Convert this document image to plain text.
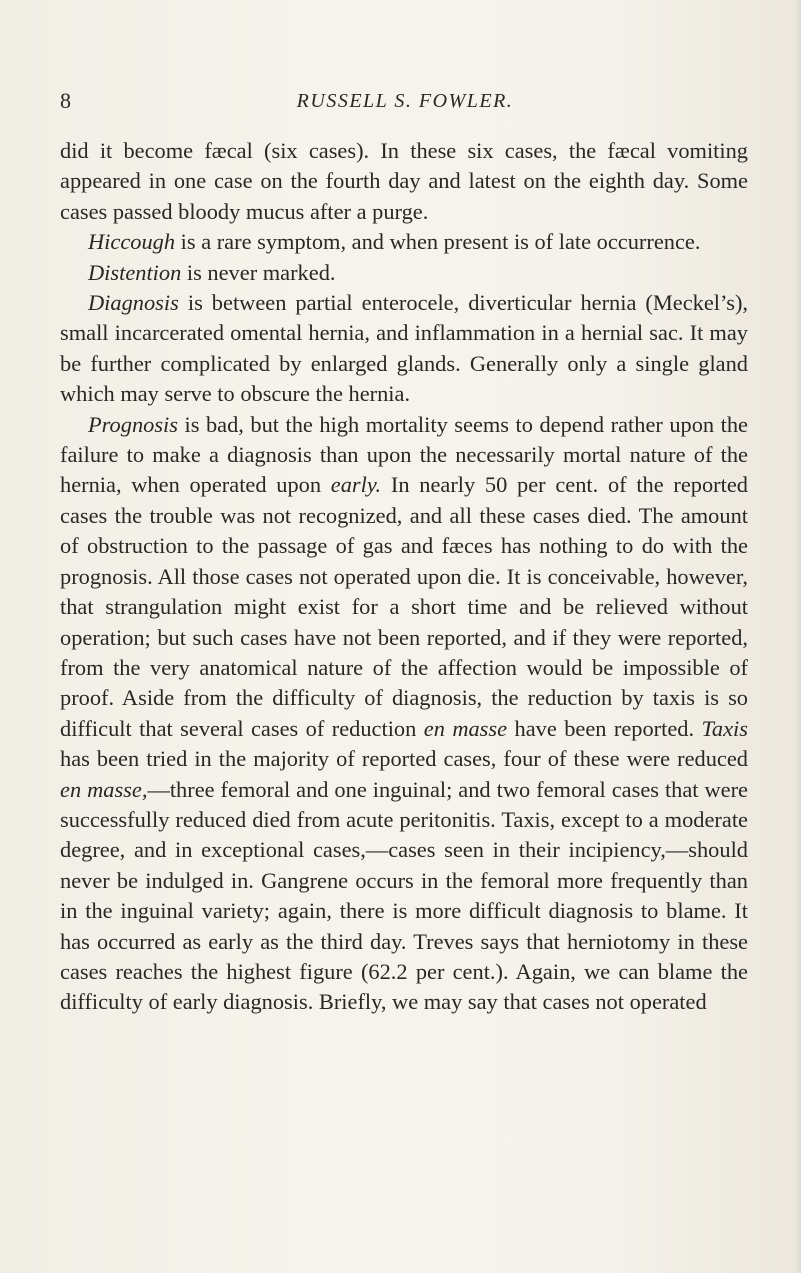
8	RUSSELL S. FOWLER.

did it become fæcal (six cases). In these six cases, the fæcal vomiting appeared in one case on the fourth day and latest on the eighth day. Some cases passed bloody mucus after a purge.

Hiccough is a rare symptom, and when present is of late occurrence.

Distention is never marked.

Diagnosis is between partial enterocele, diverticular hernia (Meckel’s), small incarcerated omental hernia, and inflammation in a hernial sac. It may be further complicated by enlarged glands. Generally only a single gland which may serve to obscure the hernia.

Prognosis is bad, but the high mortality seems to depend rather upon the failure to make a diagnosis than upon the necessarily mortal nature of the hernia, when operated upon early. In nearly 50 per cent. of the reported cases the trouble was not recognized, and all these cases died. The amount of obstruction to the passage of gas and fæces has nothing to do with the prognosis. All those cases not operated upon die. It is conceivable, however, that strangulation might exist for a short time and be relieved without operation; but such cases have not been reported, and if they were reported, from the very anatomical nature of the affection would be impossible of proof. Aside from the difficulty of diagnosis, the reduction by taxis is so difficult that several cases of reduction en masse have been reported. Taxis has been tried in the majority of reported cases, four of these were reduced en masse,—three femoral and one inguinal; and two femoral cases that were successfully reduced died from acute peritonitis. Taxis, except to a moderate degree, and in exceptional cases,—cases seen in their incipiency,—should never be indulged in. Gangrene occurs in the femoral more frequently than in the inguinal variety; again, there is more difficult diagnosis to blame. It has occurred as early as the third day. Treves says that herniotomy in these cases reaches the highest figure (62.2 per cent.). Again, we can blame the difficulty of early diagnosis. Briefly, we may say that cases not operated
